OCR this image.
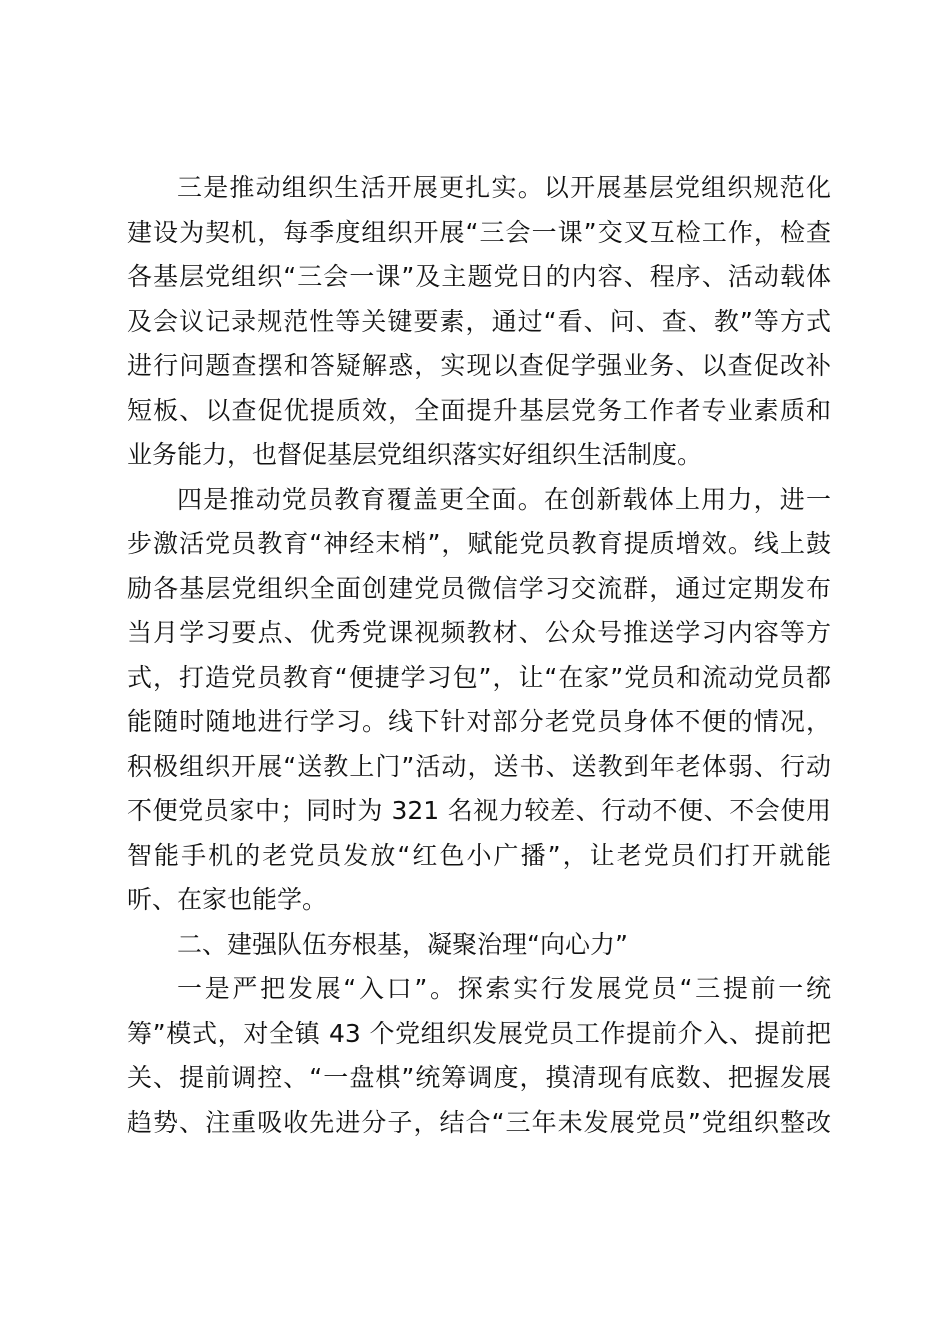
三是推动组织生活开展更扎实。以开展基层党组织规范化
建设为契机，每季度组织开展“三会一课”交叉互检工作，检查
各基层党组织“三会一课”及主题党日的内容、程序、活动载体
及会议记录规范性等关键要素，通过“看、问、查、教”等方式
进行问题查摆和答疑解惑，实现以查促学强业务、以查促改补
短板、以查促优提质效，全面提升基层党务工作者专业素质和
业务能力，也督促基层党组织落实好组织生活制度。
四是推动党员教育覆盖更全面。在创新载体上用力，进一
步激活党员教育“神经末梢”，赋能党员教育提质增效。线上鼓
励各基层党组织全面创建党员微信学习交流群，通过定期发布
当月学习要点、优秀党课视频教材、公众号推送学习内容等方
式，打造党员教育“便捷学习包”，让“在家”党员和流动党员都
能随时随地进行学习。线下针对部分老党员身体不便的情况，
积极组织开展“送教上门”活动，送书、送教到年老体弱、行动
不便党员家中；同时为 321 名视力较差、行动不便、不会使用
智能手机的老党员发放“红色小广播”，让老党员们打开就能
听、在家也能学。
二、建强队伍夯根基，凝聚治理“向心力”
一是严把发展“入口”。探索实行发展党员“三提前一统
筹”模式，对全镇 43 个党组织发展党员工作提前介入、提前把
关、提前调控、“一盘棋”统筹调度，摸清现有底数、把握发展
趋势、注重吸收先进分子，结合“三年未发展党员”党组织整改
